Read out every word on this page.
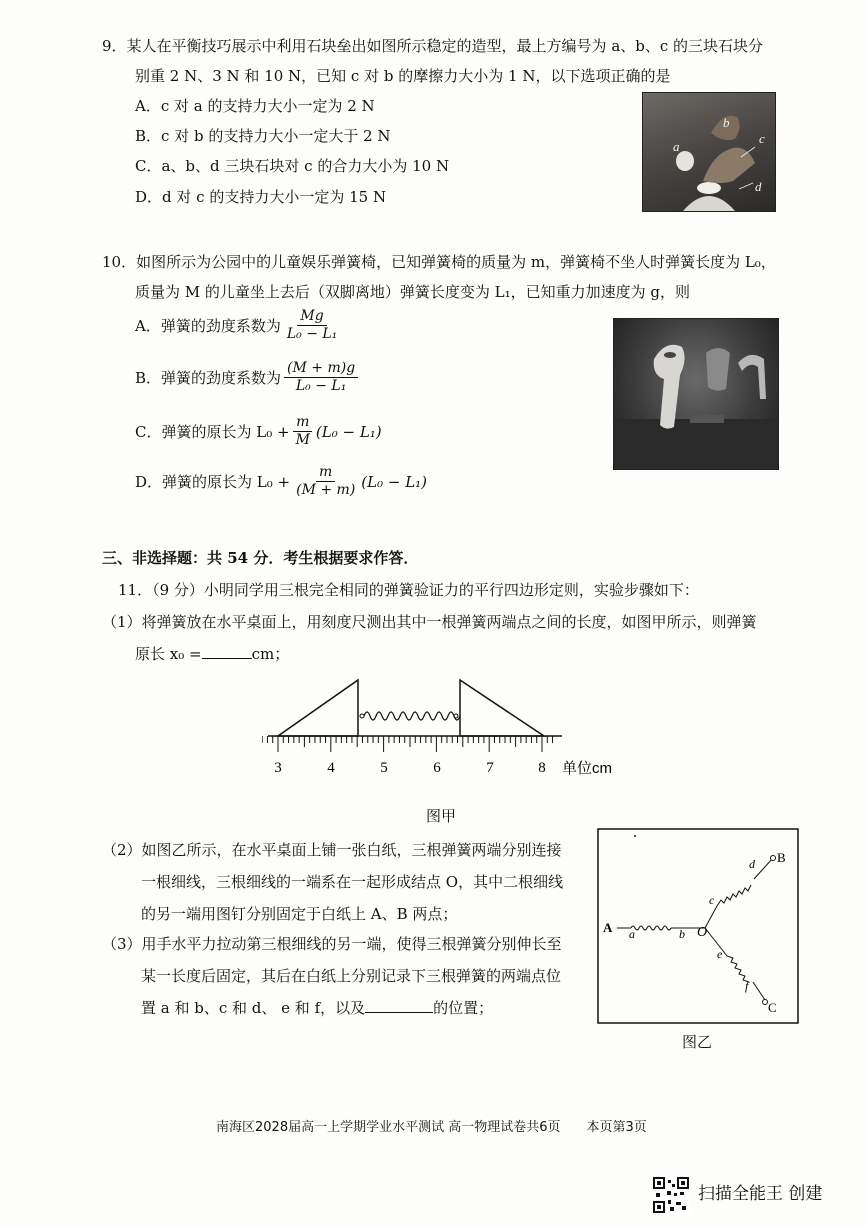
9．某人在平衡技巧展示中利用石块垒出如图所示稳定的造型，最上方编号为 a、b、c 的三块石块分
别重 2 N、3 N 和 10 N，已知 c 对 b 的摩擦力大小为 1 N，以下选项正确的是
A．c 对 a 的支持力大小一定为 2 N
B．c 对 b 的支持力大小一定大于 2 N
C．a、b、d 三块石块对 c 的合力大小为 10 N
D．d 对 c 的支持力大小一定为 15 N
a
b
c
d
10．如图所示为公园中的儿童娱乐弹簧椅，已知弹簧椅的质量为 m，弹簧椅不坐人时弹簧长度为 L₀，
质量为 M 的儿童坐上去后（双脚离地）弹簧长度变为 L₁，已知重力加速度为 g，则
A．弹簧的劲度系数为 $\frac{Mg}{\text{L₀ − L₁}}$
B．弹簧的劲度系数为 $\frac{(M + m)g}{\text{L₀ − L₁}}$
C．弹簧的原长为 $L_0 + \frac{m}{M} (L_0 - L_1)$
D．弹簧的原长为 $L_0 + \frac{m}{(M + m)} (L_0 - L_1)$
三、非选择题：共 54 分．考生根据要求作答．
11．（9 分）小明同学用三根完全相同的弹簧验证力的平行四边形定则，实验步骤如下：
（1）将弹簧放在水平桌面上，用刻度尺测出其中一根弹簧两端点之间的长度，如图甲所示，则弹簧
原长 x₀ =	cm；
3	4	5	6	7	8 单位cm
图甲
（2）如图乙所示，在水平桌面上铺一张白纸，三根弹簧两端分别连接
一根细线，三根细线的一端系在一起形成结点 O，其中二根细线
的另一端用图钉分别固定于白纸上 A、B 两点；
（3）用手水平力拉动第三根细线的另一端，使得三根弹簧分别伸长至
某一长度后固定，其后在白纸上分别记录下三根弹簧的两端点位
置 a 和 b、c 和 d、 e 和 f，以及	的位置；
A
B
C
O
a	b
c
d
e
f
图乙
南海区2028届高一上学期学业水平测试 高一物理试卷共6页　　本页第3页
扫描全能王 创建
